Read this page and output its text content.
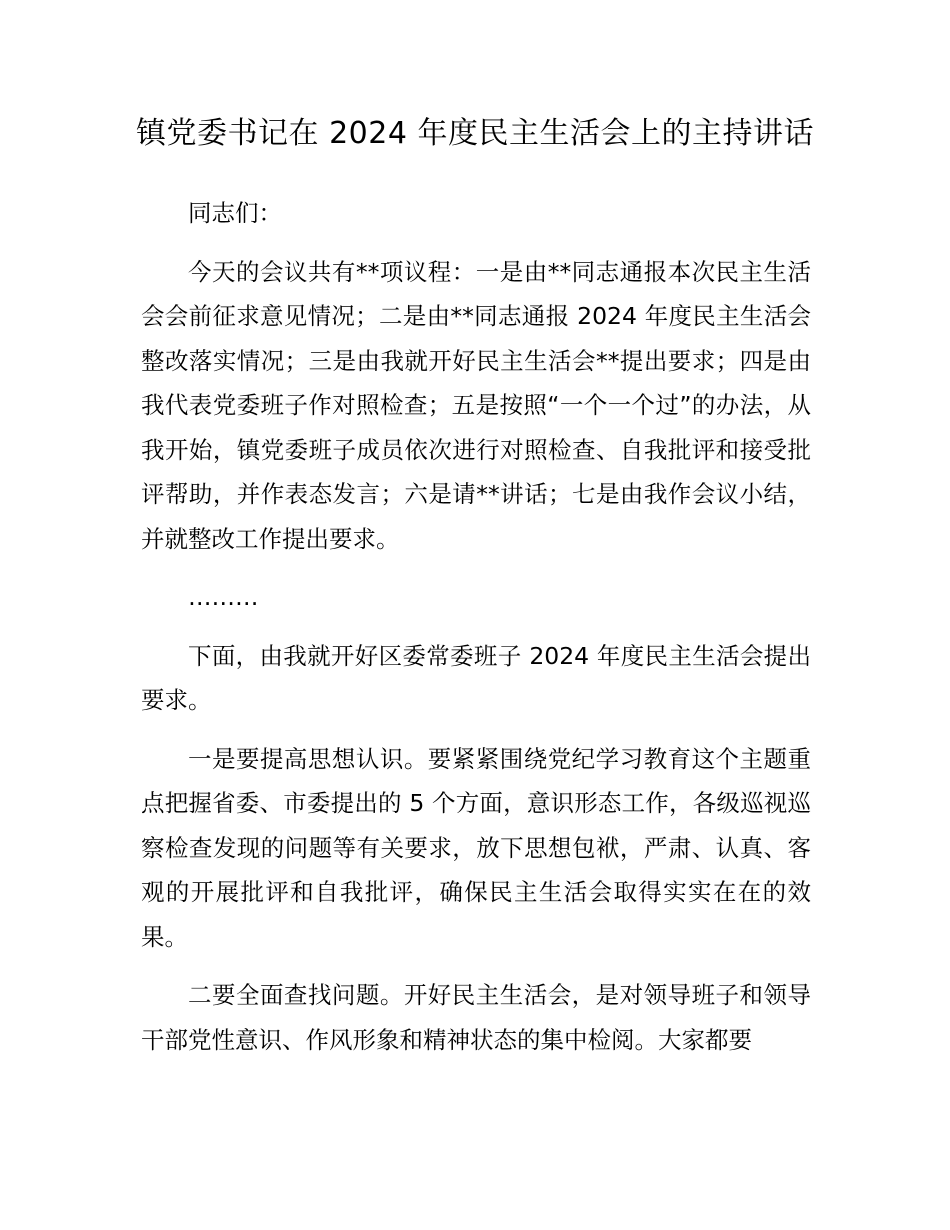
镇党委书记在 2024 年度民主生活会上的主持讲话

同志们：

今天的会议共有**项议程：一是由**同志通报本次民主生活会会前征求意见情况；二是由**同志通报 2024 年度民主生活会整改落实情况；三是由我就开好民主生活会**提出要求；四是由我代表党委班子作对照检查；五是按照“一个一个过”的办法，从我开始，镇党委班子成员依次进行对照检查、自我批评和接受批评帮助，并作表态发言；六是请**讲话；七是由我作会议小结，并就整改工作提出要求。

………

下面，由我就开好区委常委班子 2024 年度民主生活会提出要求。

一是要提高思想认识。要紧紧围绕党纪学习教育这个主题重点把握省委、市委提出的 5 个方面，意识形态工作，各级巡视巡察检查发现的问题等有关要求，放下思想包袱，严肃、认真、客观的开展批评和自我批评，确保民主生活会取得实实在在的效果。

二要全面查找问题。开好民主生活会，是对领导班子和领导干部党性意识、作风形象和精神状态的集中检阅。大家都要
